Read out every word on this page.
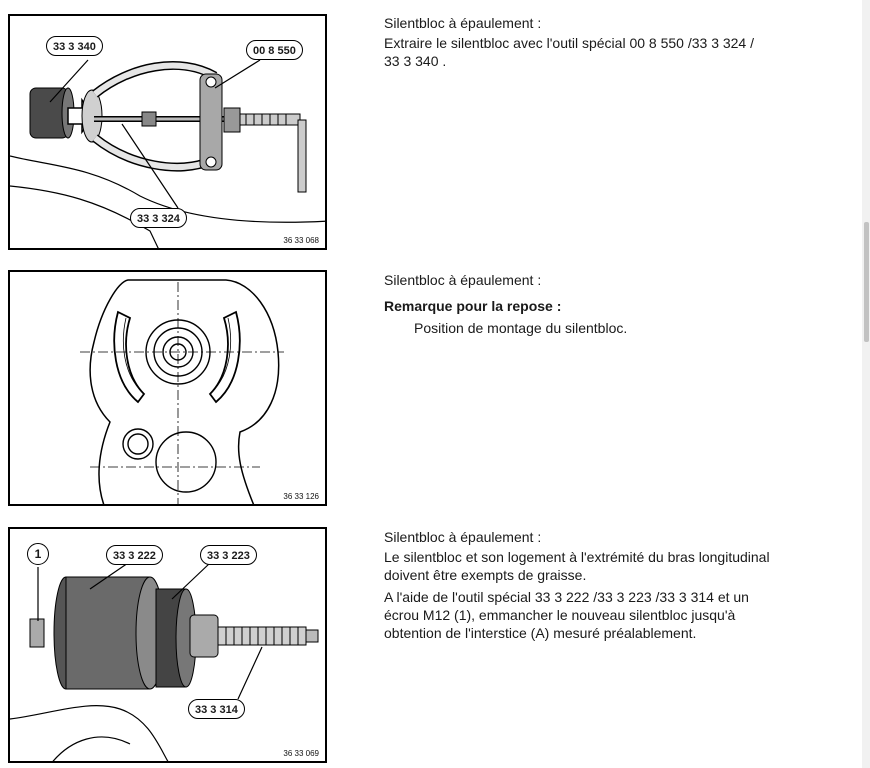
33 3 340	00 8 550
33 3 324
36 33 068

Silentbloc à épaulement :

Extraire le silentbloc avec l'outil spécial 00 8 550 /33 3 324 /

33 3 340 .

36 33 126

Silentbloc à épaulement :

Remarque pour la repose :

Position de montage du silentbloc.

1	33 3 222	33 3 223
33 3 314
36 33 069

Silentbloc à épaulement :

Le silentbloc et son logement à l'extrémité du bras longitudinal

doivent être exempts de graisse.

A l'aide de l'outil spécial 33 3 222 /33 3 223 /33 3 314 et un

écrou M12 (1), emmancher le nouveau silentbloc jusqu'à

obtention de l'interstice (A) mesuré préalablement.
